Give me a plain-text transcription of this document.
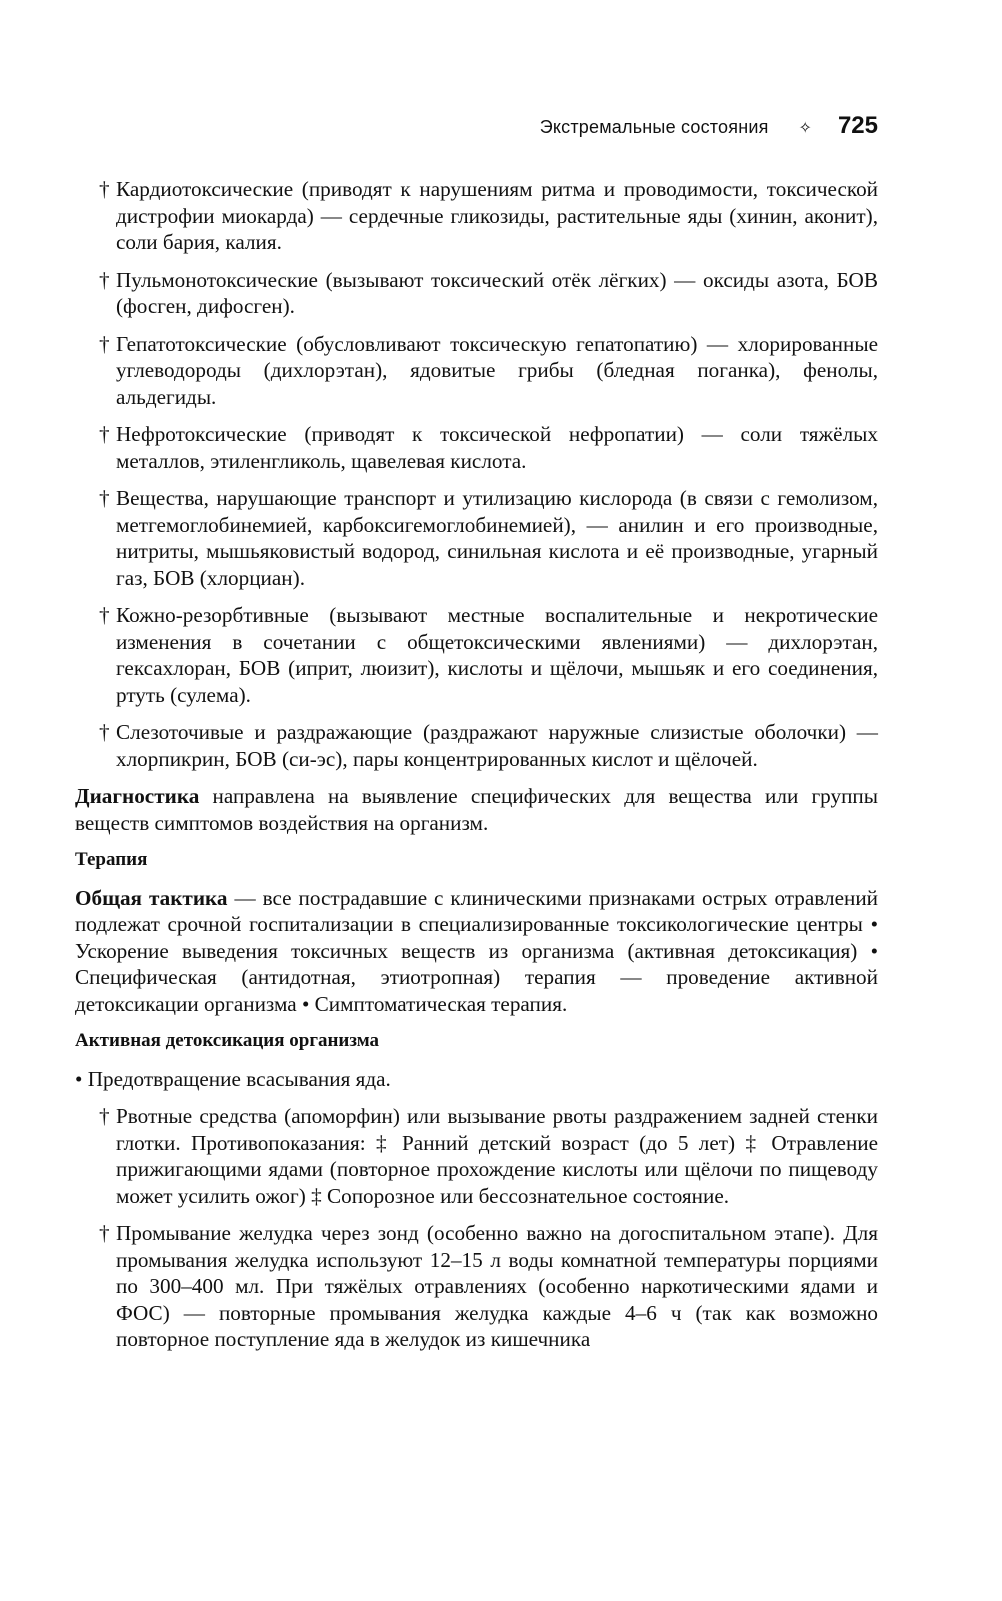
Экстремальные состояния ✧ 725
† Кардиотоксические (приводят к нарушениям ритма и проводимости, токсической дистрофии миокарда) — сердечные гликозиды, растительные яды (хинин, аконит), соли бария, калия.
† Пульмонотоксические (вызывают токсический отёк лёгких) — оксиды азота, БОВ (фосген, дифосген).
† Гепатотоксические (обусловливают токсическую гепатопатию) — хлорированные углеводороды (дихлорэтан), ядовитые грибы (бледная поганка), фенолы, альдегиды.
† Нефротоксические (приводят к токсической нефропатии) — соли тяжёлых металлов, этиленгликоль, щавелевая кислота.
† Вещества, нарушающие транспорт и утилизацию кислорода (в связи с гемолизом, метгемоглобинемией, карбоксигемоглобинемией), — анилин и его производные, нитриты, мышьяковистый водород, синильная кислота и её производные, угарный газ, БОВ (хлорциан).
† Кожно-резорбтивные (вызывают местные воспалительные и некротические изменения в сочетании с общетоксическими явлениями) — дихлорэтан, гексахлоран, БОВ (иприт, люизит), кислоты и щёлочи, мышьяк и его соединения, ртуть (сулема).
† Слезоточивые и раздражающие (раздражают наружные слизистые оболочки) — хлорпикрин, БОВ (си-эс), пары концентрированных кислот и щёлочей.
Диагностика направлена на выявление специфических для вещества или группы веществ симптомов воздействия на организм.
Терапия
Общая тактика — все пострадавшие с клиническими признаками острых отравлений подлежат срочной госпитализации в специализированные токсикологические центры • Ускорение выведения токсичных веществ из организма (активная детоксикация) • Специфическая (антидотная, этиотропная) терапия — проведение активной детоксикации организма • Симптоматическая терапия.
Активная детоксикация организма
• Предотвращение всасывания яда.
† Рвотные средства (апоморфин) или вызывание рвоты раздражением задней стенки глотки. Противопоказания: ‡ Ранний детский возраст (до 5 лет) ‡ Отравление прижигающими ядами (повторное прохождение кислоты или щёлочи по пищеводу может усилить ожог) ‡ Сопорозное или бессознательное состояние.
† Промывание желудка через зонд (особенно важно на догоспитальном этапе). Для промывания желудка используют 12–15 л воды комнатной температуры порциями по 300–400 мл. При тяжёлых отравлениях (особенно наркотическими ядами и ФОС) — повторные промывания желудка каждые 4–6 ч (так как возможно повторное поступление яда в желудок из кишечника
